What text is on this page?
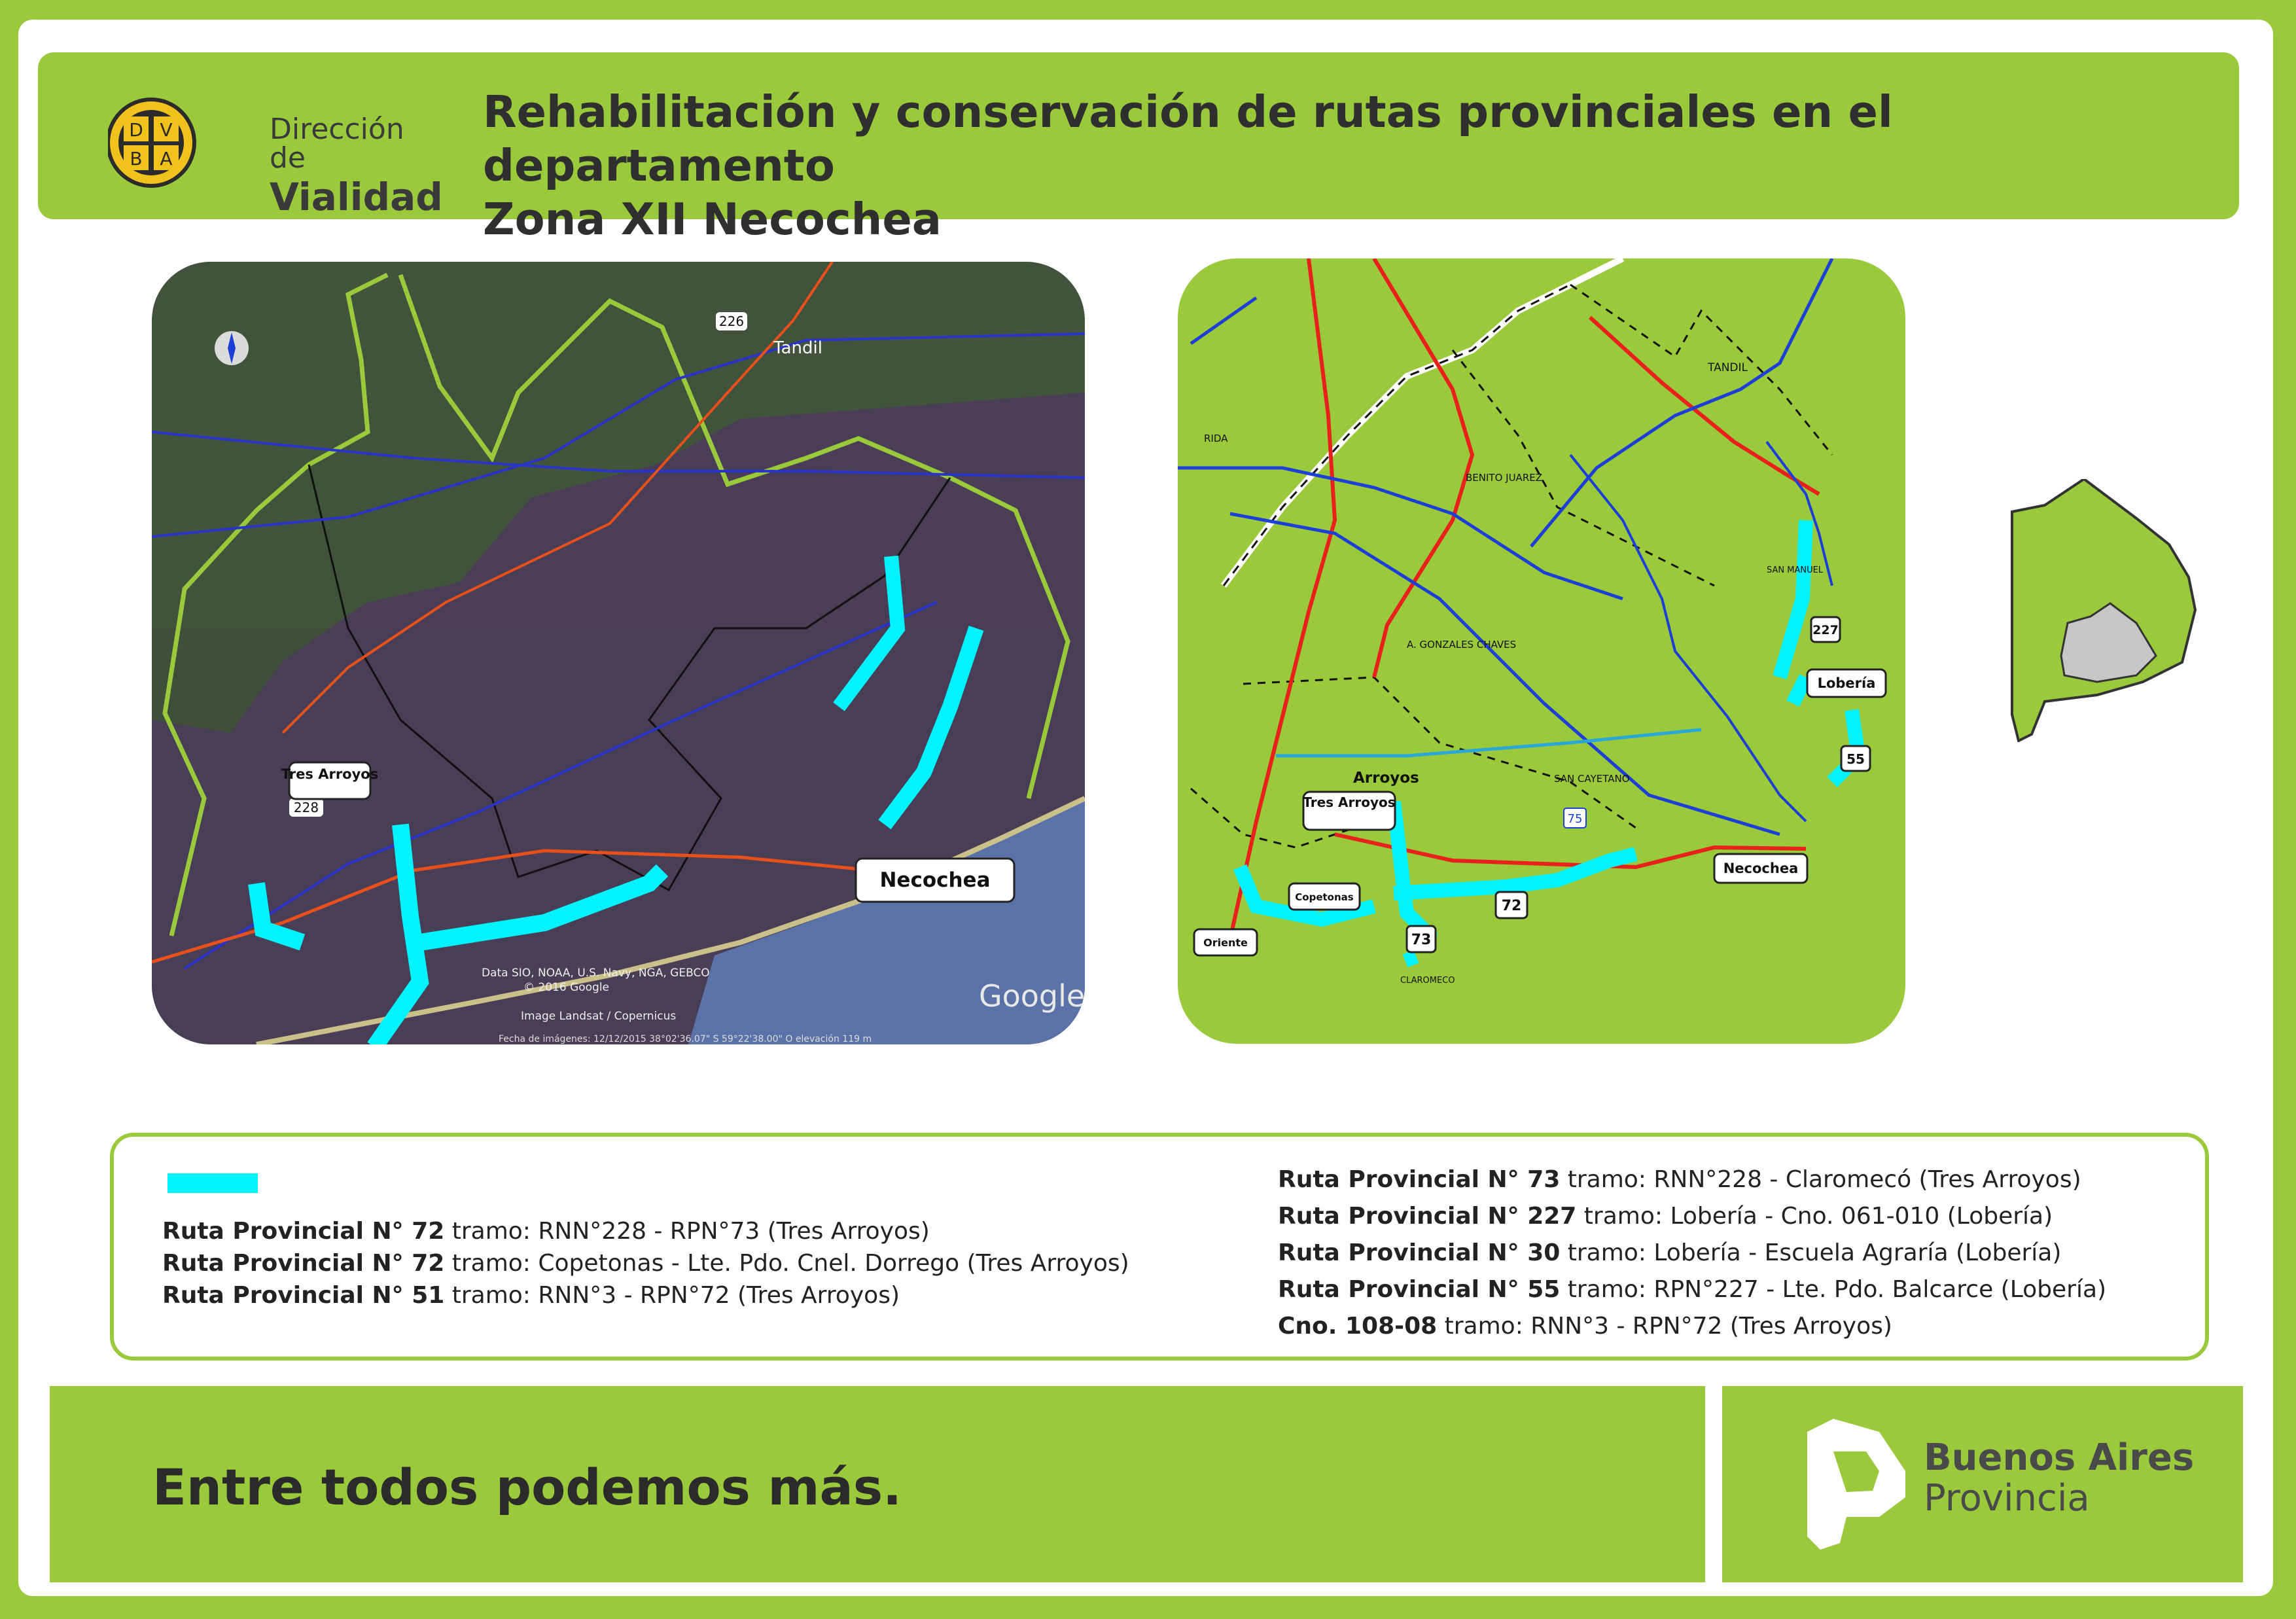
D V
B A
Dirección de
Vialidad
Rehabilitación y conservación de rutas provinciales en el departamento
Zona XII Necochea
226
Tandil
228
Tres Arroyos
Necochea
Data SIO, NOAA, U.S. Navy, NGA, GEBCO
© 2016 Google
Image Landsat / Copernicus
Google
Fecha de imágenes: 12/12/2015 38°02'36.07" S 59°22'38.00" O elevación 119 m
TANDIL
BENITO JUAREZ
RIDA
A. GONZALES CHAVES
SAN CAYETANO
CLAROMECO
SAN MANUEL
Arroyos
Tres Arroyos
Copetonas
Oriente
Necochea
Lobería
72
73
75
227
55
Ruta Provincial N° 72 tramo: RNN°228 - RPN°73 (Tres Arroyos)
Ruta Provincial N° 72 tramo: Copetonas - Lte. Pdo. Cnel. Dorrego (Tres Arroyos)
Ruta Provincial N° 51 tramo: RNN°3 - RPN°72 (Tres Arroyos)
Ruta Provincial N° 73 tramo: RNN°228 - Claromecó (Tres Arroyos)
Ruta Provincial N° 227 tramo: Lobería - Cno. 061-010 (Lobería)
Ruta Provincial N° 30 tramo: Lobería - Escuela Agraría (Lobería)
Ruta Provincial N° 55 tramo: RPN°227 - Lte. Pdo. Balcarce (Lobería)
Cno. 108-08 tramo: RNN°3 - RPN°72 (Tres Arroyos)
Entre todos podemos más.
Buenos Aires
Provincia
